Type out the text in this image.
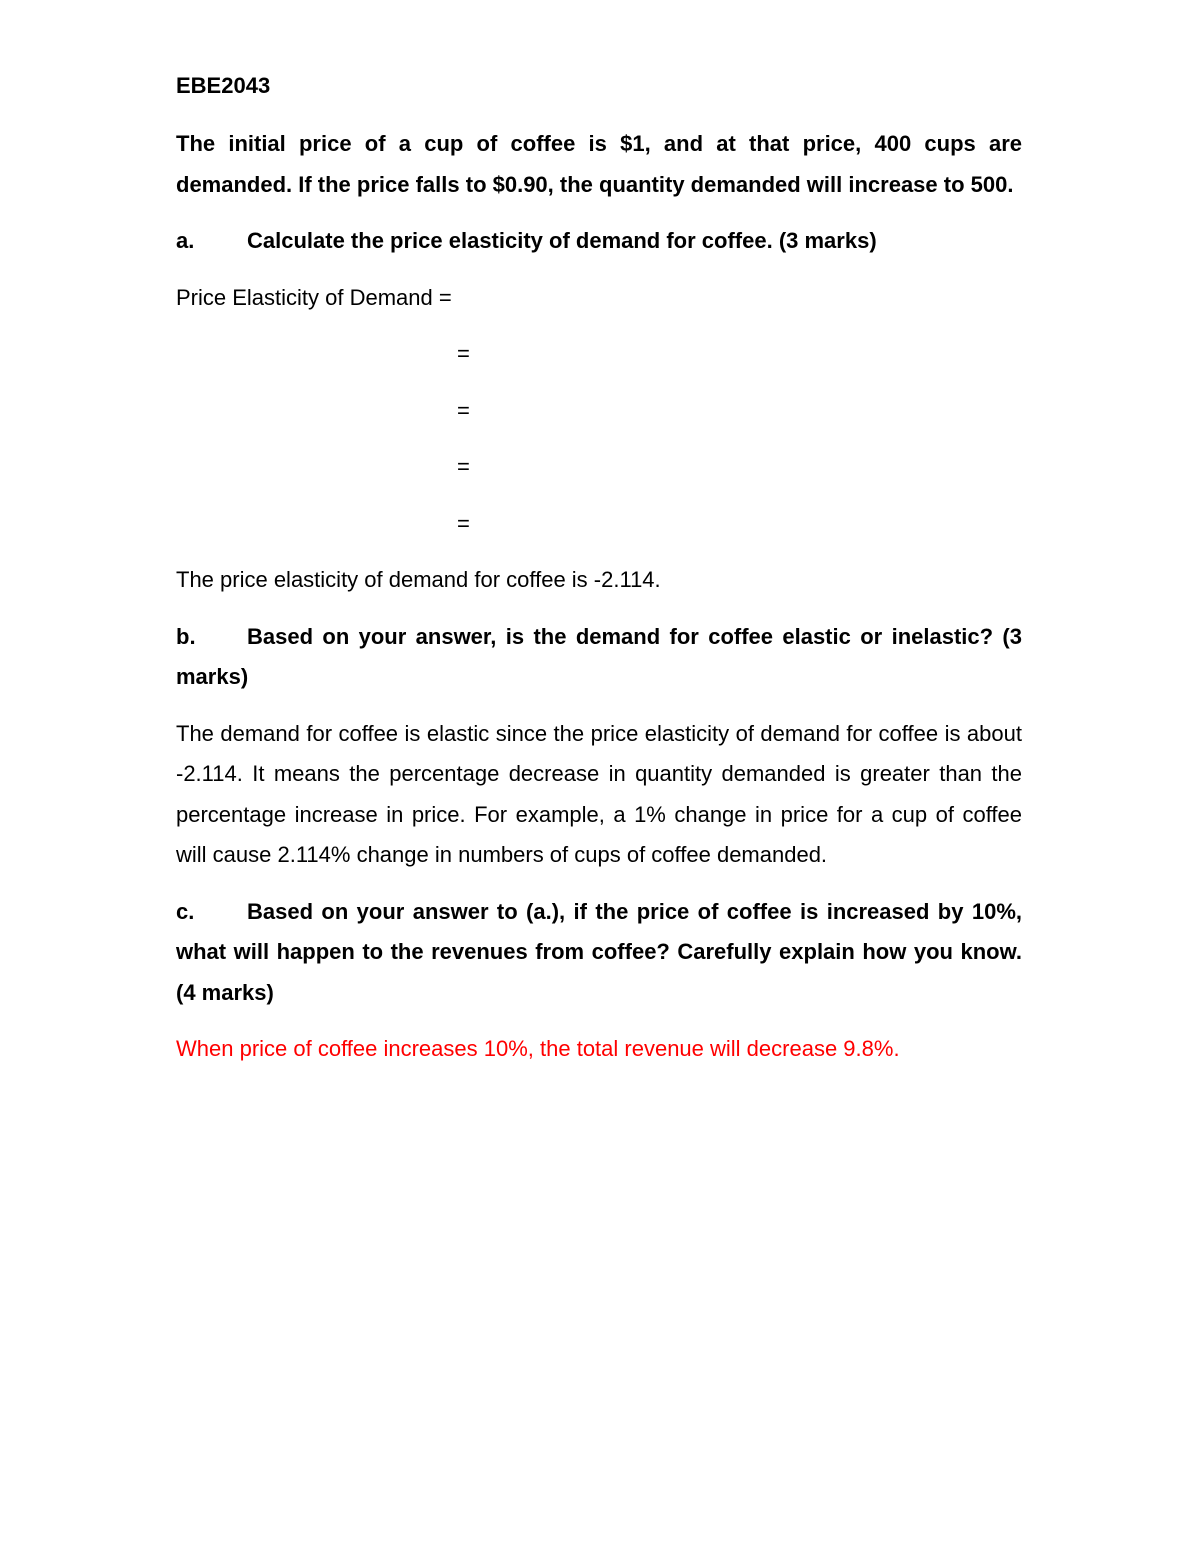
EBE2043
The initial price of a cup of coffee is $1, and at that price, 400 cups are demanded. If the price falls to $0.90, the quantity demanded will increase to 500.
a. Calculate the price elasticity of demand for coffee. (3 marks)
Price Elasticity of Demand =
=
=
=
=
The price elasticity of demand for coffee is -2.114.
b. Based on your answer, is the demand for coffee elastic or inelastic? (3 marks)
The demand for coffee is elastic since the price elasticity of demand for coffee is about -2.114. It means the percentage decrease in quantity demanded is greater than the percentage increase in price. For example, a 1% change in price for a cup of coffee will cause 2.114% change in numbers of cups of coffee demanded.
c. Based on your answer to (a.), if the price of coffee is increased by 10%, what will happen to the revenues from coffee? Carefully explain how you know. (4 marks)
When price of coffee increases 10%, the total revenue will decrease 9.8%.
